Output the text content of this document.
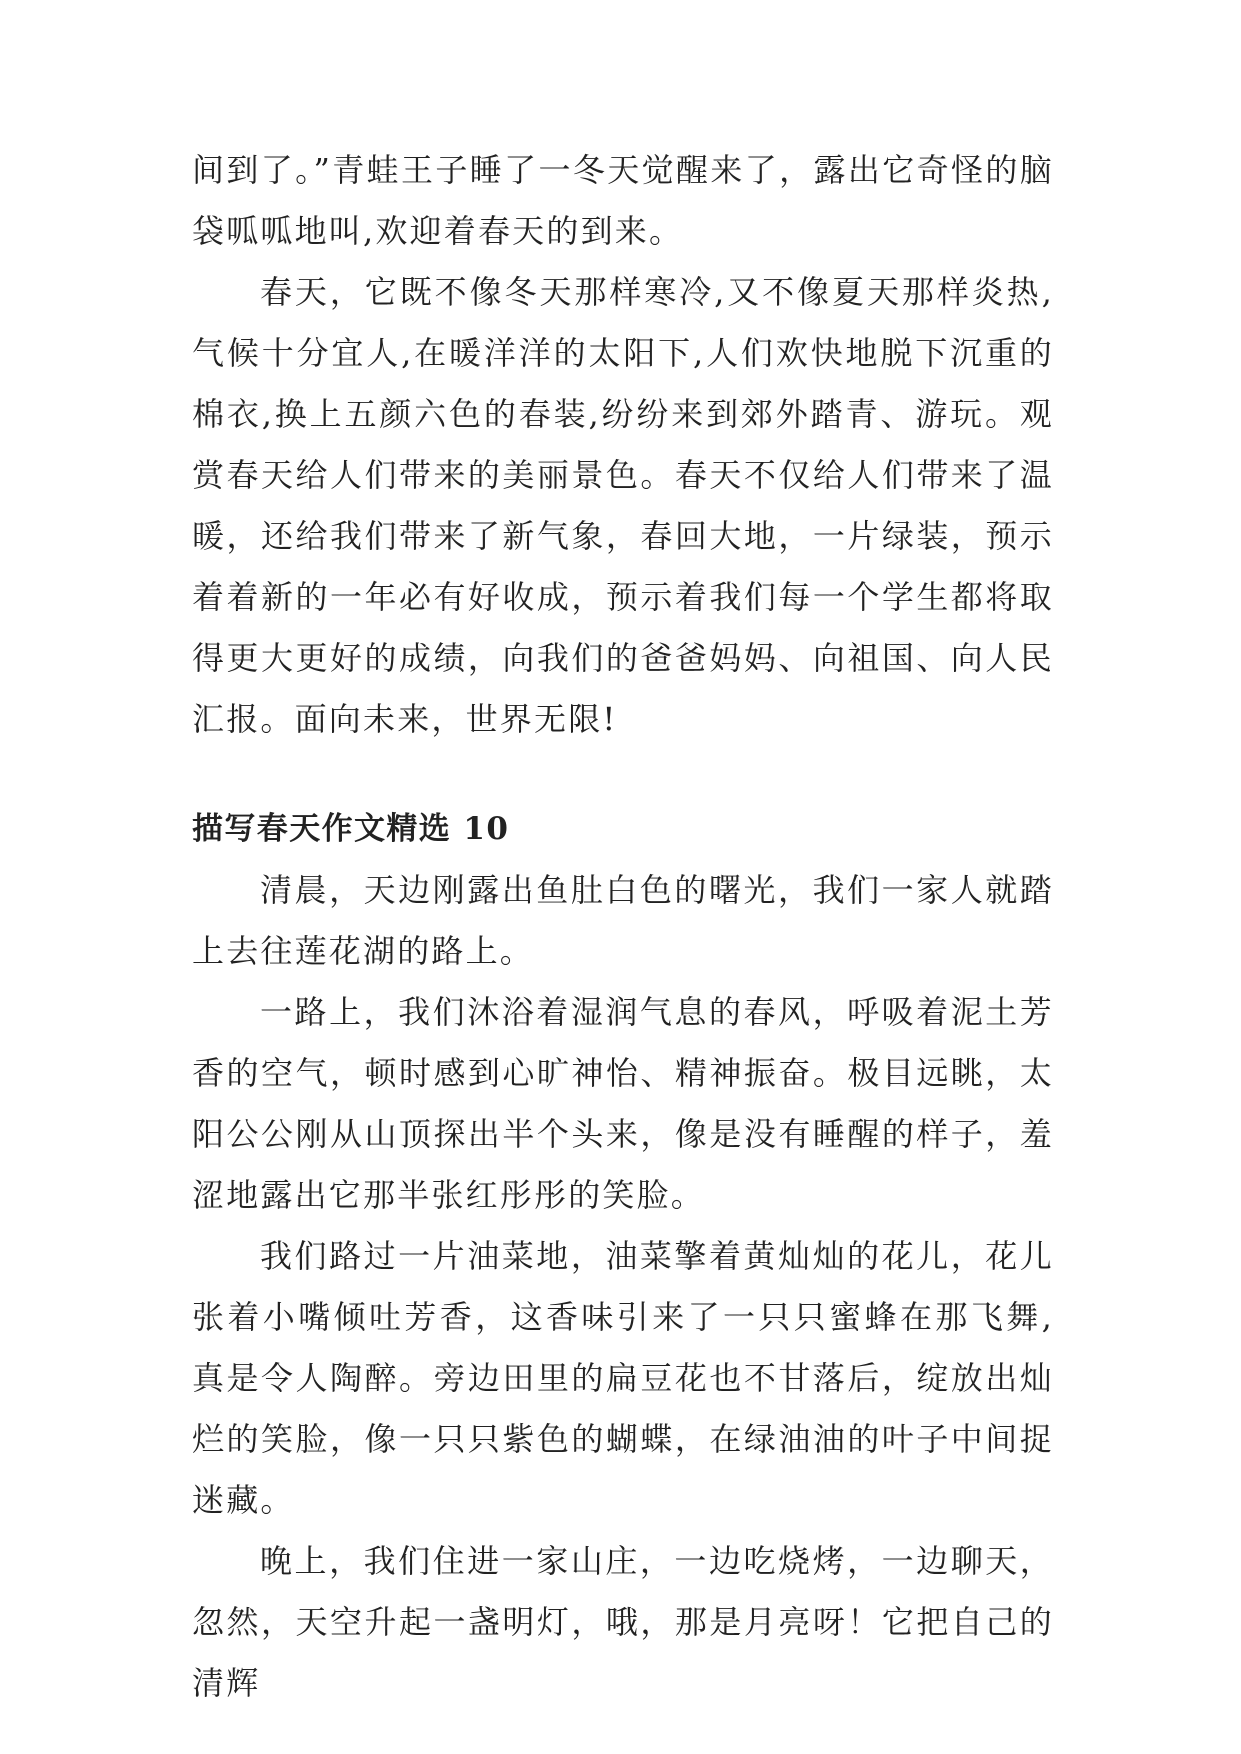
间到了。”青蛙王子睡了一冬天觉醒来了，露出它奇怪的脑袋呱呱地叫,欢迎着春天的到来。

春天，它既不像冬天那样寒冷,又不像夏天那样炎热,气候十分宜人,在暖洋洋的太阳下,人们欢快地脱下沉重的棉衣,换上五颜六色的春装,纷纷来到郊外踏青、游玩。观赏春天给人们带来的美丽景色。春天不仅给人们带来了温暖，还给我们带来了新气象，春回大地，一片绿装，预示着着新的一年必有好收成，预示着我们每一个学生都将取得更大更好的成绩，向我们的爸爸妈妈、向祖国、向人民汇报。面向未来，世界无限!

描写春天作文精选 10

清晨，天边刚露出鱼肚白色的曙光，我们一家人就踏上去往莲花湖的路上。

一路上，我们沐浴着湿润气息的春风，呼吸着泥土芳香的空气，顿时感到心旷神怡、精神振奋。极目远眺，太阳公公刚从山顶探出半个头来，像是没有睡醒的样子，羞涩地露出它那半张红彤彤的笑脸。

我们路过一片油菜地，油菜擎着黄灿灿的花儿，花儿张着小嘴倾吐芳香，这香味引来了一只只蜜蜂在那飞舞,真是令人陶醉。旁边田里的扁豆花也不甘落后，绽放出灿烂的笑脸，像一只只紫色的蝴蝶，在绿油油的叶子中间捉迷藏。

晚上，我们住进一家山庄，一边吃烧烤，一边聊天，忽然，天空升起一盏明灯，哦，那是月亮呀！它把自己的清辉
